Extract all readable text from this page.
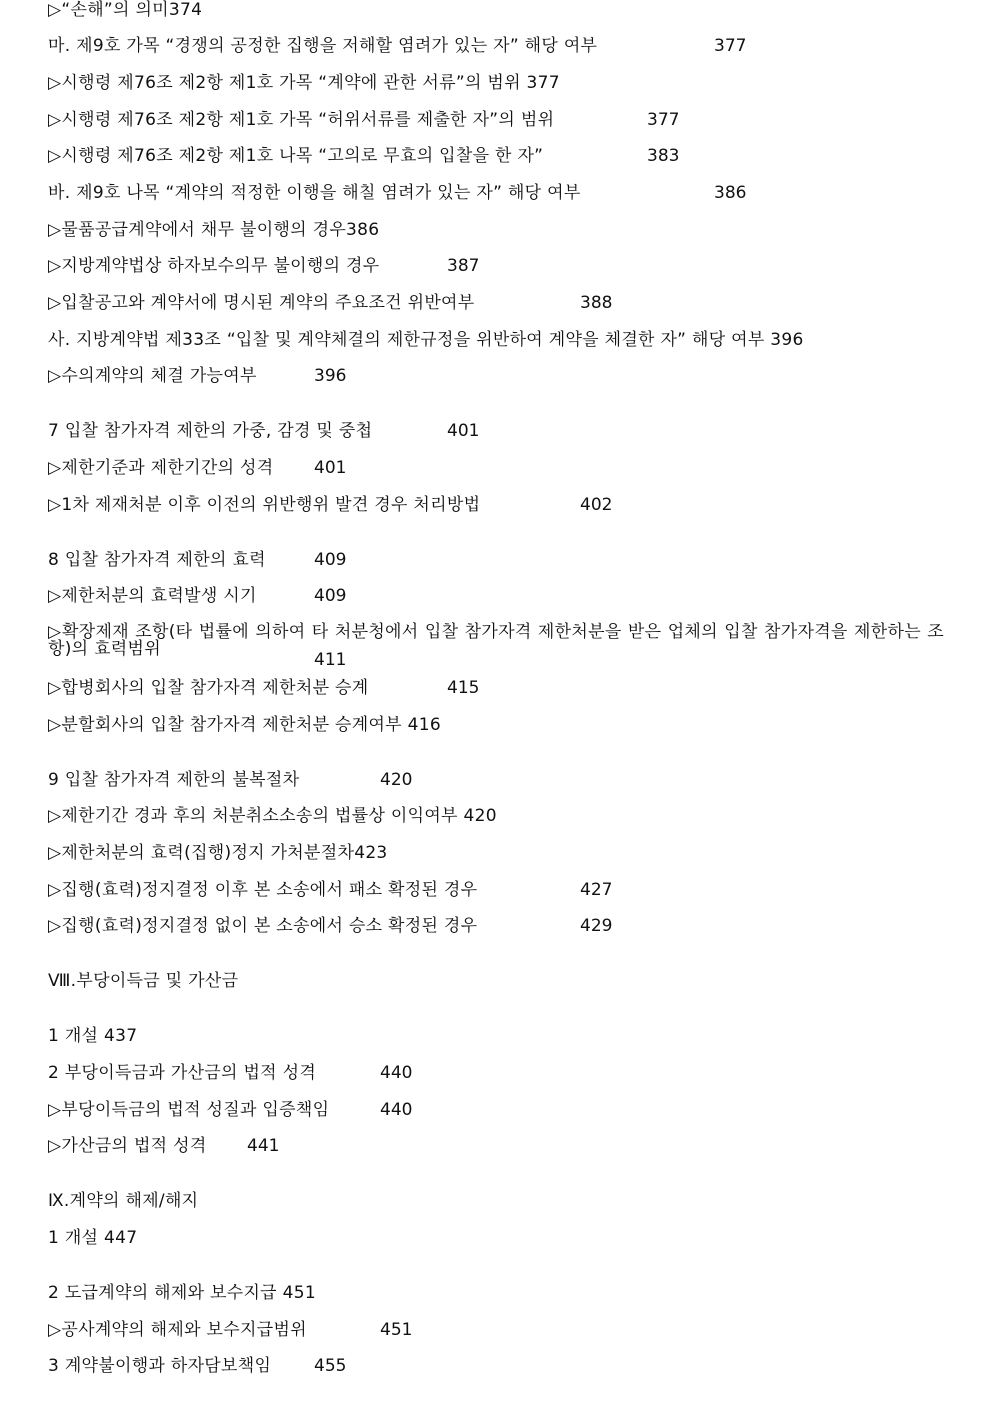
▷“손해”의 의미374
마. 제9호 가목 “경쟁의 공정한 집행을 저해할 염려가 있는 자” 해당 여부	377
▷시행령 제76조 제2항 제1호 가목 “계약에 관한 서류”의 범위 377
▷시행령 제76조 제2항 제1호 가목 “허위서류를 제출한 자”의 범위	377
▷시행령 제76조 제2항 제1호 나목 “고의로 무효의 입찰을 한 자”	383
바. 제9호 나목 “계약의 적정한 이행을 해칠 염려가 있는 자” 해당 여부	386
▷물품공급계약에서 채무 불이행의 경우386
▷지방계약법상 하자보수의무 불이행의 경우	387
▷입찰공고와 계약서에 명시된 계약의 주요조건 위반여부	388
사. 지방계약법 제33조 “입찰 및 계약체결의 제한규정을 위반하여 계약을 체결한 자” 해당 여부 396
▷수의계약의 체결 가능여부	396
7 입찰 참가자격 제한의 가중, 감경 및 중첩	401
▷제한기준과 제한기간의 성격 401
▷1차 제재처분 이후 이전의 위반행위 발견 경우 처리방법	402
8 입찰 참가자격 제한의 효력	409
▷제한처분의 효력발생 시기	409
▷확장제재 조항(타 법률에 의하여 타 처분청에서 입찰 참가자격 제한처분을 받은 업체의 입찰 참가자격을 제한하는 조항)의 효력범위
411
▷합병회사의 입찰 참가자격 제한처분 승계	415
▷분할회사의 입찰 참가자격 제한처분 승계여부 416
9 입찰 참가자격 제한의 불복절차	420
▷제한기간 경과 후의 처분취소소송의 법률상 이익여부 420
▷제한처분의 효력(집행)정지 가처분절차423
▷집행(효력)정지결정 이후 본 소송에서 패소 확정된 경우	427
▷집행(효력)정지결정 없이 본 소송에서 승소 확정된 경우	429
Ⅷ.부당이득금 및 가산금
1 개설 437
2 부당이득금과 가산금의 법적 성격	440
▷부당이득금의 법적 성질과 입증책임	440
▷가산금의 법적 성격 441
Ⅸ.계약의 해제/해지
1 개설 447
2 도급계약의 해제와 보수지급 451
▷공사계약의 해제와 보수지급범위	451
3 계약불이행과 하자담보책임	455
